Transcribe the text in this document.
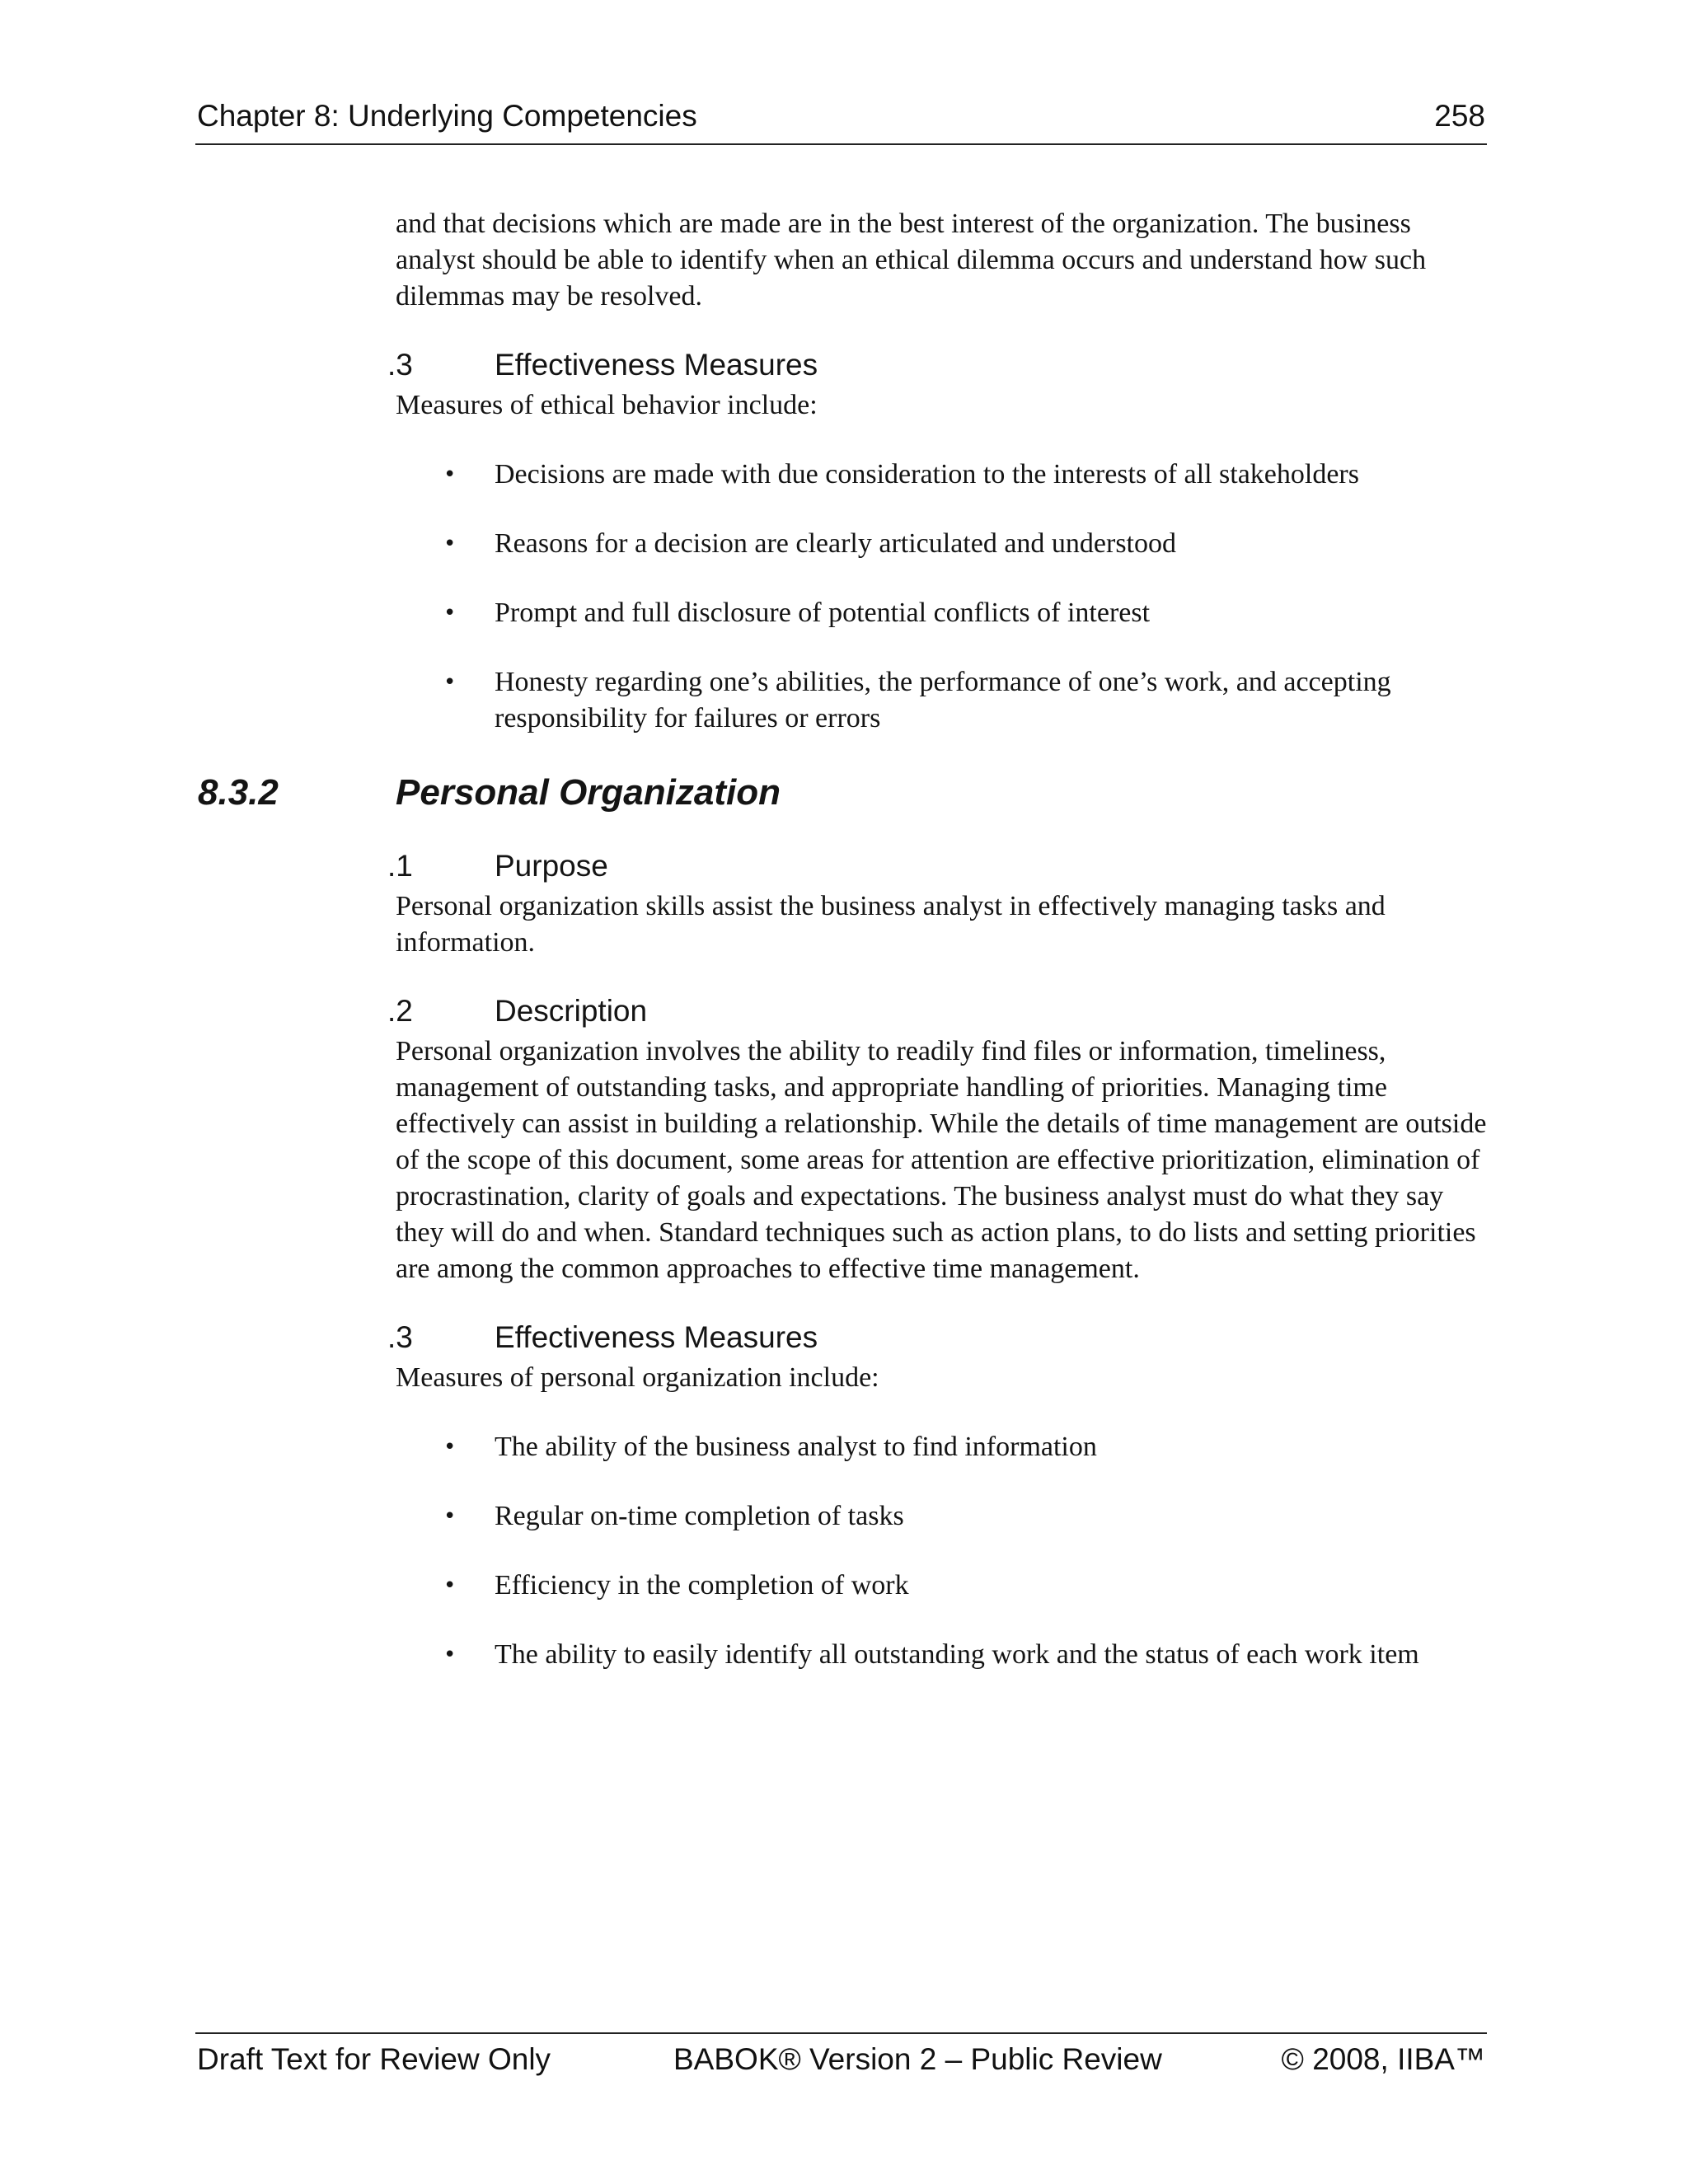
Chapter 8: Underlying Competencies	258

and that decisions which are made are in the best interest of the organization. The business analyst should be able to identify when an ethical dilemma occurs and understand how such dilemmas may be resolved.

.3	Effectiveness Measures

Measures of ethical behavior include:

• Decisions are made with due consideration to the interests of all stakeholders
• Reasons for a decision are clearly articulated and understood
• Prompt and full disclosure of potential conflicts of interest
• Honesty regarding one’s abilities, the performance of one’s work, and accepting responsibility for failures or errors
8.3.2	Personal Organization
.1	Purpose

Personal organization skills assist the business analyst in effectively managing tasks and information.

.2	Description

Personal organization involves the ability to readily find files or information, timeliness, management of outstanding tasks, and appropriate handling of priorities. Managing time effectively can assist in building a relationship. While the details of time management are outside of the scope of this document, some areas for attention are effective prioritization, elimination of procrastination, clarity of goals and expectations. The business analyst must do what they say they will do and when. Standard techniques such as action plans, to do lists and setting priorities are among the common approaches to effective time management.

.3	Effectiveness Measures

Measures of personal organization include:

• The ability of the business analyst to find information
• Regular on-time completion of tasks
• Efficiency in the completion of work
• The ability to easily identify all outstanding work and the status of each work item
Draft Text for Review Only	BABOK® Version 2 – Public Review	© 2008, IIBA™
